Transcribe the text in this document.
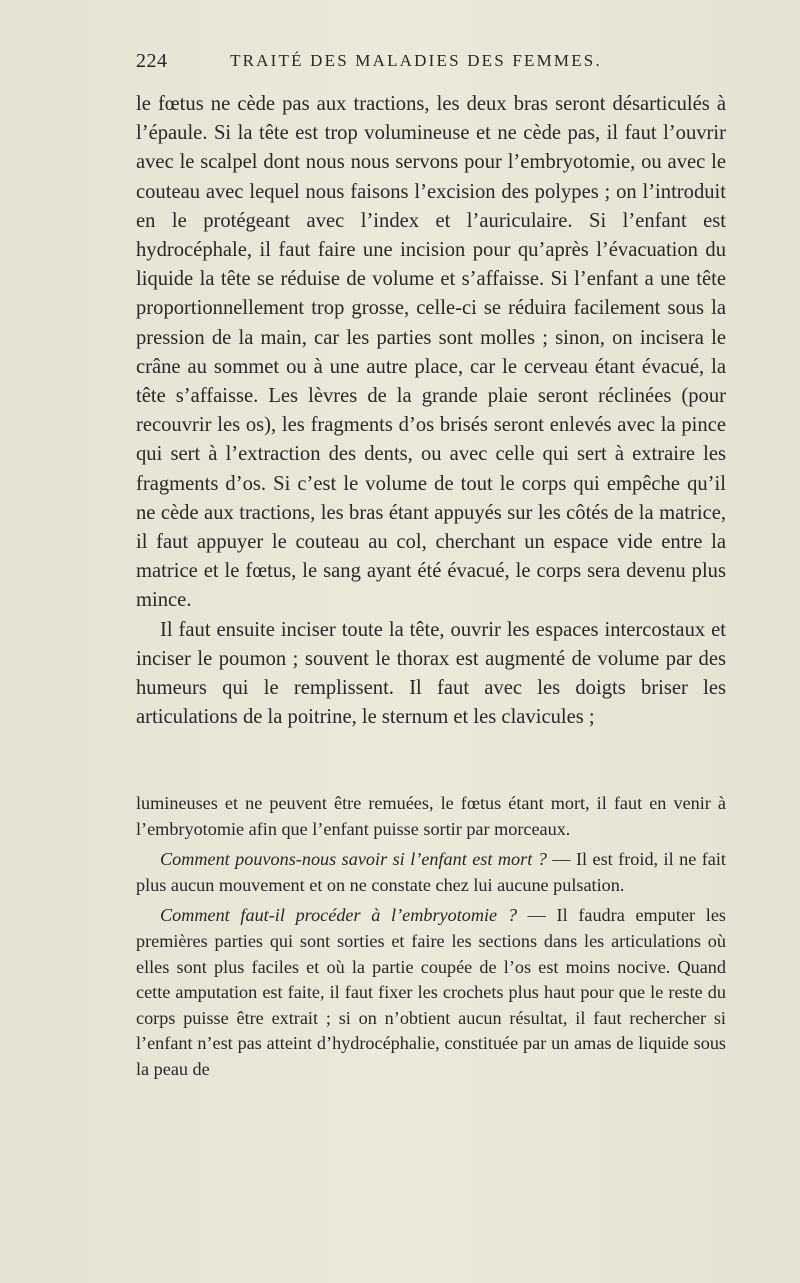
224	TRAITÉ DES MALADIES DES FEMMES.

le fœtus ne cède pas aux tractions, les deux bras seront désarticulés à l’épaule. Si la tête est trop volumineuse et ne cède pas, il faut l’ouvrir avec le scalpel dont nous nous servons pour l’embryotomie, ou avec le couteau avec lequel nous faisons l’excision des polypes ; on l’introduit en le protégeant avec l’index et l’auriculaire. Si l’enfant est hydrocéphale, il faut faire une incision pour qu’après l’évacuation du liquide la tête se réduise de volume et s’affaisse. Si l’enfant a une tête proportionnellement trop grosse, celle-ci se réduira facilement sous la pression de la main, car les parties sont molles ; sinon, on incisera le crâne au sommet ou à une autre place, car le cerveau étant évacué, la tête s’affaisse. Les lèvres de la grande plaie seront réclinées (pour recouvrir les os), les fragments d’os brisés seront enlevés avec la pince qui sert à l’extraction des dents, ou avec celle qui sert à extraire les fragments d’os. Si c’est le volume de tout le corps qui empêche qu’il ne cède aux tractions, les bras étant appuyés sur les côtés de la matrice, il faut appuyer le couteau au col, cherchant un espace vide entre la matrice et le fœtus, le sang ayant été évacué, le corps sera devenu plus mince.

Il faut ensuite inciser toute la tête, ouvrir les espaces intercostaux et inciser le poumon ; souvent le thorax est augmenté de volume par des humeurs qui le remplissent. Il faut avec les doigts briser les articulations de la poitrine, le sternum et les clavicules ;

lumineuses et ne peuvent être remuées, le fœtus étant mort, il faut en venir à l’embryotomie afin que l’enfant puisse sortir par morceaux.

Comment pouvons-nous savoir si l’enfant est mort ? — Il est froid, il ne fait plus aucun mouvement et on ne constate chez lui aucune pulsation.

Comment faut-il procéder à l’embryotomie ? — Il faudra emputer les premières parties qui sont sorties et faire les sections dans les articulations où elles sont plus faciles et où la partie coupée de l’os est moins nocive. Quand cette amputation est faite, il faut fixer les crochets plus haut pour que le reste du corps puisse être extrait ; si on n’obtient aucun résultat, il faut rechercher si l’enfant n’est pas atteint d’hydrocéphalie, constituée par un amas de liquide sous la peau de
